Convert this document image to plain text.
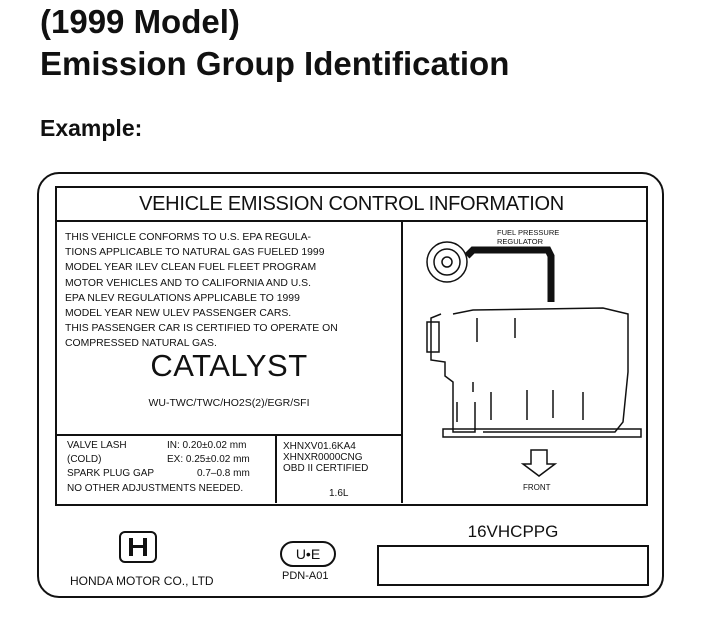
(1999 Model)
Emission Group Identification
Example:
VEHICLE EMISSION CONTROL INFORMATION
THIS VEHICLE CONFORMS TO U.S. EPA REGULA-
TIONS APPLICABLE TO NATURAL GAS FUELED 1999
MODEL YEAR ILEV CLEAN FUEL FLEET PROGRAM
MOTOR VEHICLES AND TO CALIFORNIA AND U.S.
EPA NLEV REGULATIONS APPLICABLE TO 1999
MODEL YEAR NEW ULEV PASSENGER CARS.
THIS PASSENGER CAR IS CERTIFIED TO OPERATE ON
COMPRESSED NATURAL GAS.
CATALYST
WU-TWC/TWC/HO2S(2)/EGR/SFI
VALVE LASH	IN: 0.20±0.02 mm
(COLD)	EX: 0.25±0.02 mm
SPARK PLUG GAP	0.7–0.8 mm
NO OTHER ADJUSTMENTS NEEDED.
XHNXV01.6KA4
XHNXR0000CNG
OBD II CERTIFIED
1.6L
FUEL PRESSURE
REGULATOR
FRONT
HONDA MOTOR CO., LTD
U•E
PDN-A01
16VHCPPG
